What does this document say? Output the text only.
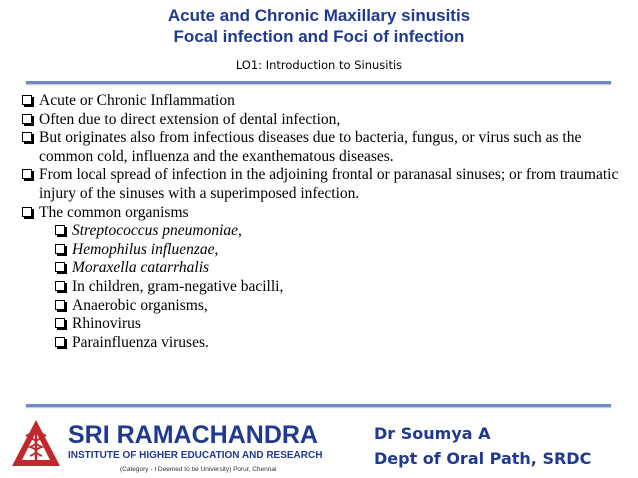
Acute and Chronic Maxillary sinusitis
Focal infection and Foci of infection
LO1: Introduction to Sinusitis
Acute or Chronic Inflammation
Often due to direct extension of dental infection,
But originates also from infectious diseases due to bacteria, fungus, or virus such as the common cold, influenza and the exanthematous diseases.
From local spread of infection in the adjoining frontal or paranasal sinuses; or from traumatic injury of the sinuses with a superimposed infection.
The common organisms
Streptococcus pneumoniae,
Hemophilus influenzae,
Moraxella catarrhalis
In children, gram-negative bacilli,
Anaerobic organisms,
Rhinovirus
Parainfluenza viruses.
SRI RAMACHANDRA
INSTITUTE OF HIGHER EDUCATION AND RESEARCH
(Category - I Deemed to be University) Porur, Chennai
Dr Soumya A
Dept of Oral Path, SRDC
